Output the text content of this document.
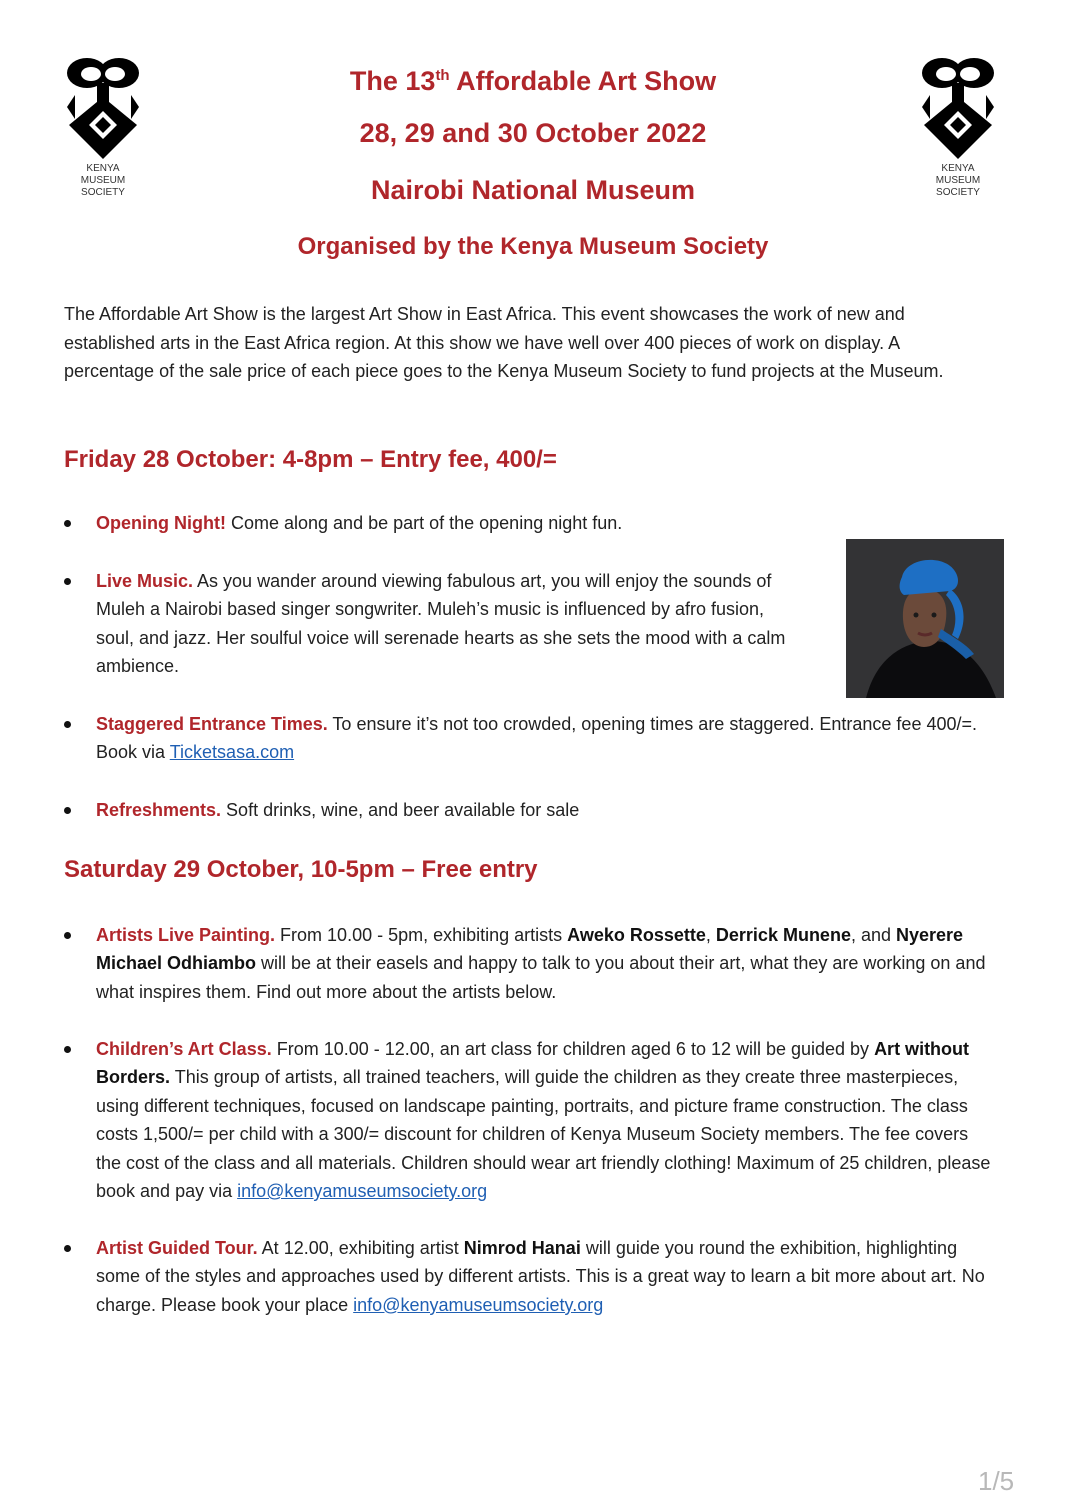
KENYA
MUSEUM
SOCIETY
KENYA
MUSEUM
SOCIETY
The 13th Affordable Art Show
28, 29 and 30 October 2022
Nairobi National Museum
Organised by the Kenya Museum Society
The Affordable Art Show is the largest Art Show in East Africa. This event showcases the work of new and established arts in the East Africa region. At this show we have well over 400 pieces of work on display. A percentage of the sale price of each piece goes to the Kenya Museum Society to fund projects at the Museum.
Friday 28 October: 4-8pm – Entry fee, 400/=
Opening Night! Come along and be part of the opening night fun.
Live Music. As you wander around viewing fabulous art, you will enjoy the sounds of Muleh a Nairobi based singer songwriter. Muleh’s music is influenced by afro fusion, soul, and jazz. Her soulful voice will serenade hearts as she sets the mood with a calm ambience.
Staggered Entrance Times. To ensure it’s not too crowded, opening times are staggered. Entrance fee 400/=. Book via Ticketsasa.com
Refreshments. Soft drinks, wine, and beer available for sale
Saturday 29 October, 10-5pm – Free entry
Artists Live Painting. From 10.00 - 5pm, exhibiting artists Aweko Rossette, Derrick Munene, and Nyerere Michael Odhiambo will be at their easels and happy to talk to you about their art, what they are working on and what inspires them. Find out more about the artists below.
Children’s Art Class. From 10.00 - 12.00, an art class for children aged 6 to 12 will be guided by Art without Borders. This group of artists, all trained teachers, will guide the children as they create three masterpieces, using different techniques, focused on landscape painting, portraits, and picture frame construction. The class costs 1,500/= per child with a 300/= discount for children of Kenya Museum Society members. The fee covers the cost of the class and all materials. Children should wear art friendly clothing! Maximum of 25 children, please book and pay via info@kenyamuseumsociety.org
Artist Guided Tour. At 12.00, exhibiting artist Nimrod Hanai will guide you round the exhibition, highlighting some of the styles and approaches used by different artists. This is a great way to learn a bit more about art. No charge. Please book your place info@kenyamuseumsociety.org
1/5
